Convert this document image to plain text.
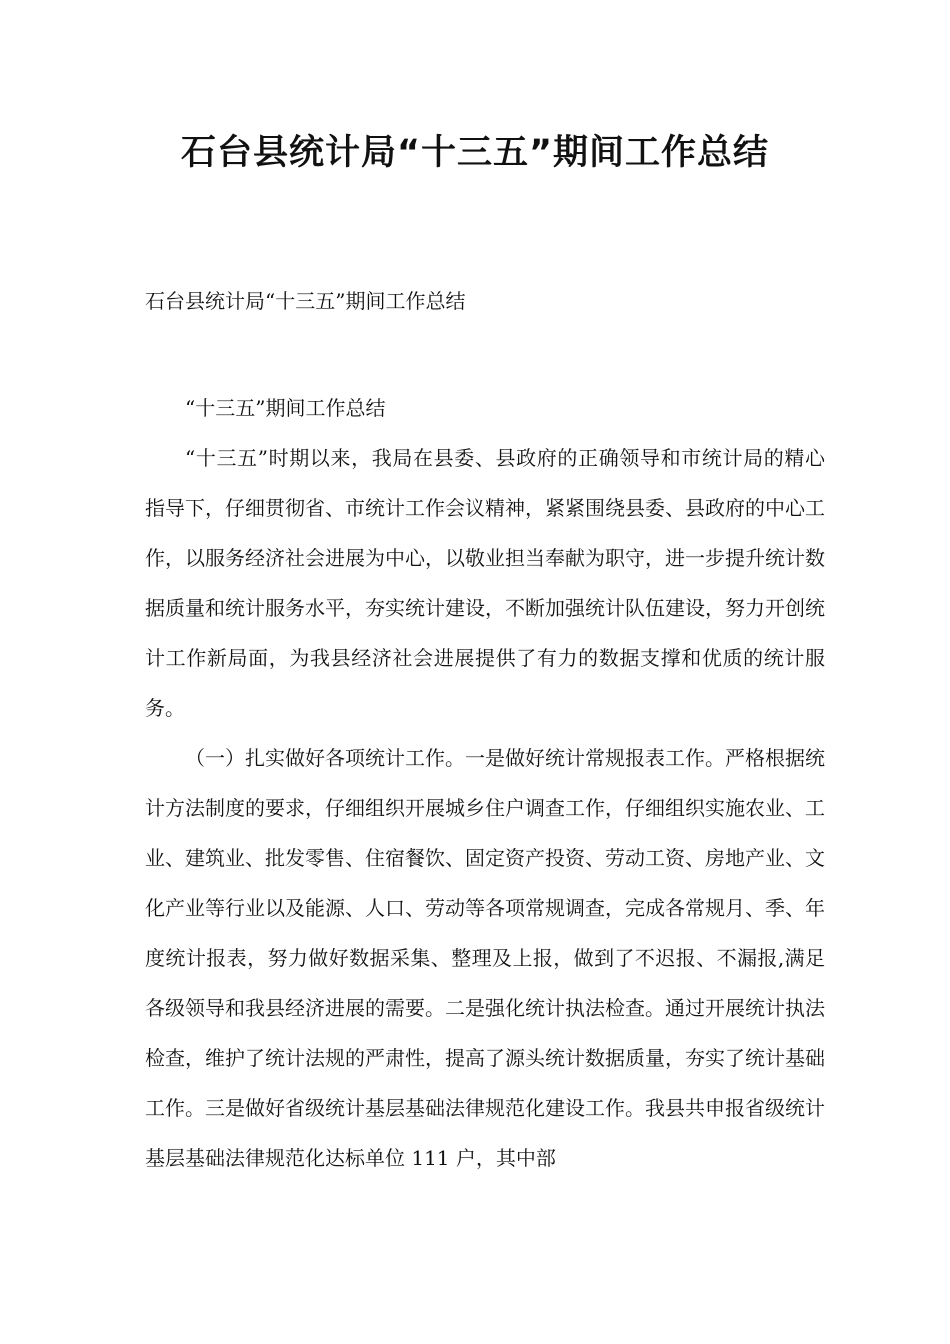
石台县统计局“十三五”期间工作总结
石台县统计局“十三五”期间工作总结
“十三五”期间工作总结

“十三五”时期以来，我局在县委、县政府的正确领导和市统计局的精心指导下，仔细贯彻省、市统计工作会议精神，紧紧围绕县委、县政府的中心工作，以服务经济社会进展为中心，以敬业担当奉献为职守，进一步提升统计数据质量和统计服务水平，夯实统计建设，不断加强统计队伍建设，努力开创统计工作新局面，为我县经济社会进展提供了有力的数据支撑和优质的统计服务。

（一）扎实做好各项统计工作。一是做好统计常规报表工作。严格根据统计方法制度的要求，仔细组织开展城乡住户调查工作，仔细组织实施农业、工业、建筑业、批发零售、住宿餐饮、固定资产投资、劳动工资、房地产业、文化产业等行业以及能源、人口、劳动等各项常规调查，完成各常规月、季、年度统计报表，努力做好数据采集、整理及上报，做到了不迟报、不漏报,满足各级领导和我县经济进展的需要。二是强化统计执法检查。通过开展统计执法检查，维护了统计法规的严肃性，提高了源头统计数据质量，夯实了统计基础工作。三是做好省级统计基层基础法律规范化建设工作。我县共申报省级统计基层基础法律规范化达标单位 111 户，其中部
